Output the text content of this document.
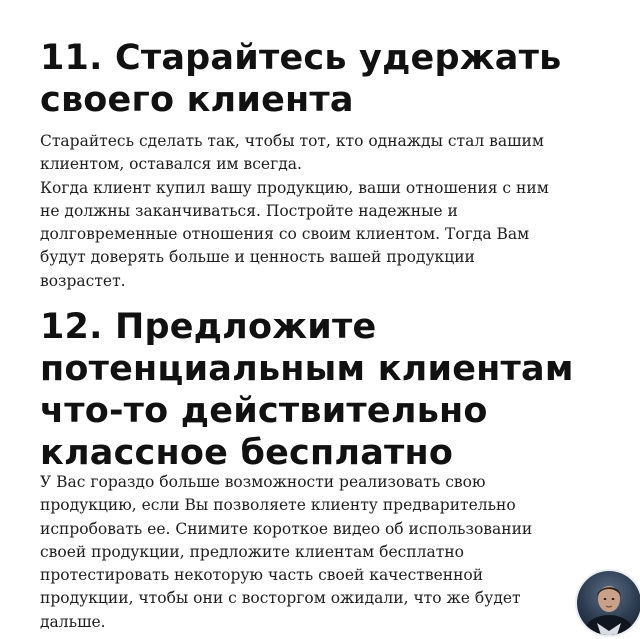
11. Старайтесь удержать
своего клиента
Старайтесь сделать так, чтобы тот, кто однажды стал вашим
клиентом, оставался им всегда.
Когда клиент купил вашу продукцию, ваши отношения с ним
не должны заканчиваться. Постройте надежные и
долговременные отношения со своим клиентом. Тогда Вам
будут доверять больше и ценность вашей продукции
возрастет.
12. Предложите
потенциальным клиентам
что-то действительно
классное бесплатно
У Вас гораздо больше возможности реализовать свою
продукцию, если Вы позволяете клиенту предварительно
испробовать ее. Снимите короткое видео об использовании
своей продукции, предложите клиентам бесплатно
протестировать некоторую часть своей качественной
продукции, чтобы они с восторгом ожидали, что же будет
дальше.
